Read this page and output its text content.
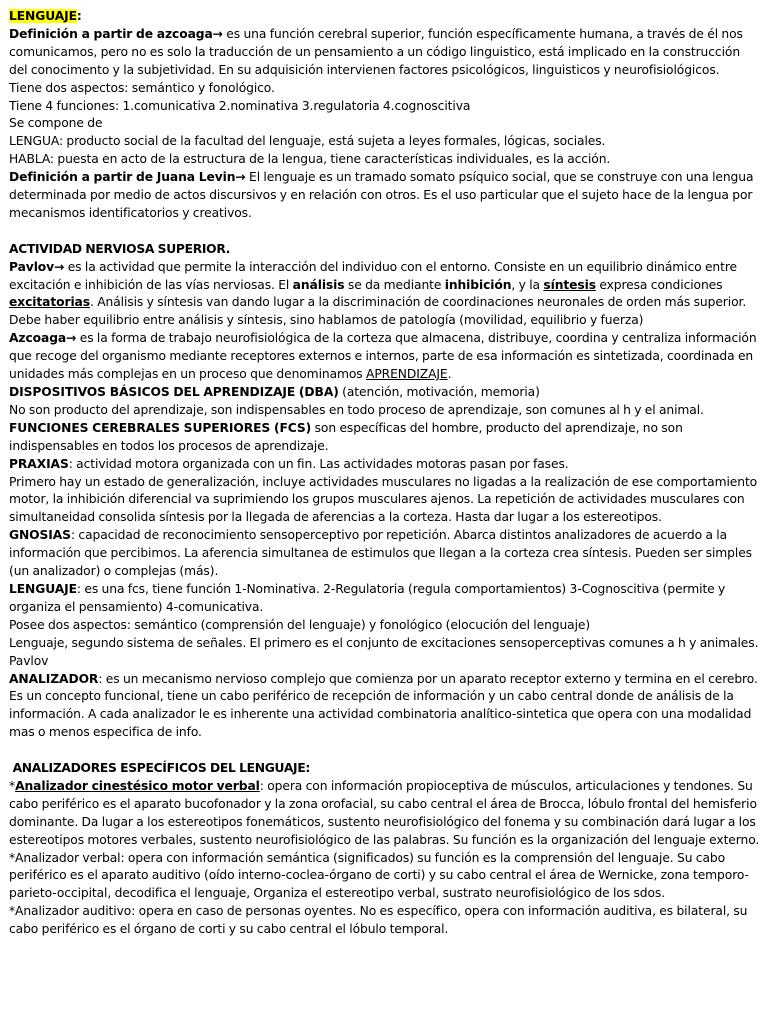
LENGUAJE:

Definición a partir de azcoaga→ es una función cerebral superior, función específicamente humana, a través de él nos comunicamos, pero no es solo la traducción de un pensamiento a un código linguistico, está implicado en la construcción del conocimento y la subjetividad. En su adquisición intervienen factores psicológicos, linguisticos y neurofisiológicos.

Tiene dos aspectos: semántico y fonológico.

Tiene 4 funciones: 1.comunicativa 2.nominativa 3.regulatoria 4.cognoscitiva

Se compone de

LENGUA: producto social de la facultad del lenguaje, está sujeta a leyes formales, lógicas, sociales.

HABLA: puesta en acto de la estructura de la lengua, tiene características individuales, es la acción.

Definición a partir de Juana Levin→ El lenguaje es un tramado somato psíquico social, que se construye con una lengua determinada por medio de actos discursivos y en relación con otros. Es el uso particular que el sujeto hace de la lengua por mecanismos identificatorios y creativos.

ACTIVIDAD NERVIOSA SUPERIOR.

Pavlov→ es la actividad que permite la interacción del individuo con el entorno. Consiste en un equilibrio dinámico entre excitación e inhibición de las vías nerviosas. El análisis se da mediante inhibición, y la síntesis expresa condiciones excitatorias. Análisis y síntesis van dando lugar a la discriminación de coordinaciones neuronales de orden más superior. Debe haber equilibrio entre análisis y síntesis, sino hablamos de patología (movilidad, equilibrio y fuerza)

Azcoaga→ es la forma de trabajo neurofisiológica de la corteza que almacena, distribuye, coordina y centraliza información que recoge del organismo mediante receptores externos e internos, parte de esa información es sintetizada, coordinada en unidades más complejas en un proceso que denominamos APRENDIZAJE.

DISPOSITIVOS BÁSICOS DEL APRENDIZAJE (DBA) (atención, motivación, memoria)

No son producto del aprendizaje, son indispensables en todo proceso de aprendizaje, son comunes al h y el animal.

FUNCIONES CEREBRALES SUPERIORES (FCS) son específicas del hombre, producto del aprendizaje, no son indispensables en todos los procesos de aprendizaje.

PRAXIAS: actividad motora organizada con un fin. Las actividades motoras pasan por fases.

Primero hay un estado de generalización, incluye actividades musculares no ligadas a la realización de ese comportamiento motor, la inhibición diferencial va suprimiendo los grupos musculares ajenos. La repetición de actividades musculares con simultaneidad consolida síntesis por la llegada de aferencias a la corteza. Hasta dar lugar a los estereotipos.

GNOSIAS: capacidad de reconocimiento sensoperceptivo por repetición. Abarca distintos analizadores de acuerdo a la información que percibimos. La aferencia simultanea de estimulos que llegan a la corteza crea síntesis. Pueden ser simples (un analizador) o complejas (más).

LENGUAJE: es una fcs, tiene función 1-Nominativa. 2-Regulatoria (regula comportamientos) 3-Cognoscitiva (permite y organiza el pensamiento) 4-comunicativa.

Posee dos aspectos: semántico (comprensión del lenguaje) y fonológico (elocución del lenguaje)

Lenguaje, segundo sistema de señales. El primero es el conjunto de excitaciones sensoperceptivas comunes a h y animales. Pavlov

ANALIZADOR: es un mecanismo nervioso complejo que comienza por un aparato receptor externo y termina en el cerebro. Es un concepto funcional, tiene un cabo periférico de recepción de información y un cabo central donde de análisis de la información. A cada analizador le es inherente una actividad combinatoria analítico-sintetica que opera con una modalidad mas o menos especifica de info.

ANALIZADORES ESPECÍFICOS DEL LENGUAJE:

*Analizador cinestésico motor verbal: opera con información propioceptiva de músculos, articulaciones y tendones. Su cabo periférico es el aparato bucofonador y la zona orofacial, su cabo central el área de Brocca, lóbulo frontal del hemisferio dominante. Da lugar a los estereotipos fonemáticos, sustento neurofisiológico del fonema y su combinación dará lugar a los estereotipos motores verbales, sustento neurofisiológico de las palabras. Su función es la organización del lenguaje externo.

*Analizador verbal: opera con información semántica (significados) su función es la comprensión del lenguaje. Su cabo periférico es el aparato auditivo (oído interno-coclea-órgano de corti) y su cabo central el área de Wernicke, zona temporo-parieto-occipital, decodifica el lenguaje, Organiza el estereotipo verbal, sustrato neurofisiológico de los sdos.

*Analizador auditivo: opera en caso de personas oyentes. No es específico, opera con información auditiva, es bilateral, su cabo periférico es el órgano de corti y su cabo central el lóbulo temporal.
